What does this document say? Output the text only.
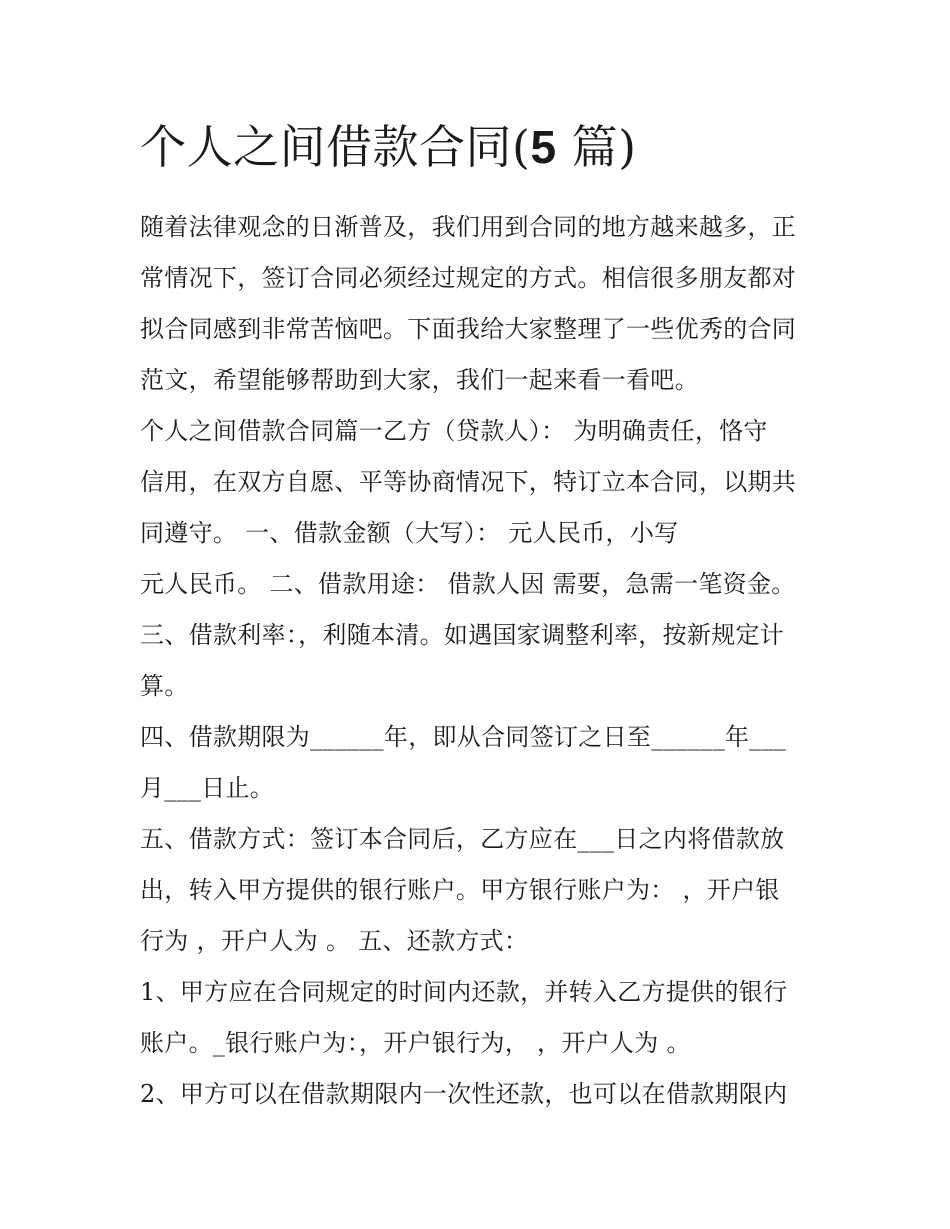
个人之间借款合同(5 篇)
随着法律观念的日渐普及，我们用到合同的地方越来越多，正
常情况下，签订合同必须经过规定的方式。相信很多朋友都对
拟合同感到非常苦恼吧。下面我给大家整理了一些优秀的合同
范文，希望能够帮助到大家，我们一起来看一看吧。
个人之间借款合同篇一乙方（贷款人）： 为明确责任，恪守
信用，在双方自愿、平等协商情况下，特订立本合同，以期共
同遵守。 一、借款金额（大写）： 元人民币，小写
元人民币。 二、借款用途： 借款人因 需要，急需一笔资金。
三、借款利率：，利随本清。如遇国家调整利率，按新规定计
算。
四、借款期限为______年，即从合同签订之日至______年___
月___日止。
五、借款方式：签订本合同后，乙方应在___日之内将借款放
出，转入甲方提供的银行账户。甲方银行账户为： ，开户银
行为 ，开户人为 。 五、还款方式：
1、甲方应在合同规定的时间内还款，并转入乙方提供的银行
账户。_银行账户为：，开户银行为， ，开户人为 。
2、甲方可以在借款期限内一次性还款，也可以在借款期限内
